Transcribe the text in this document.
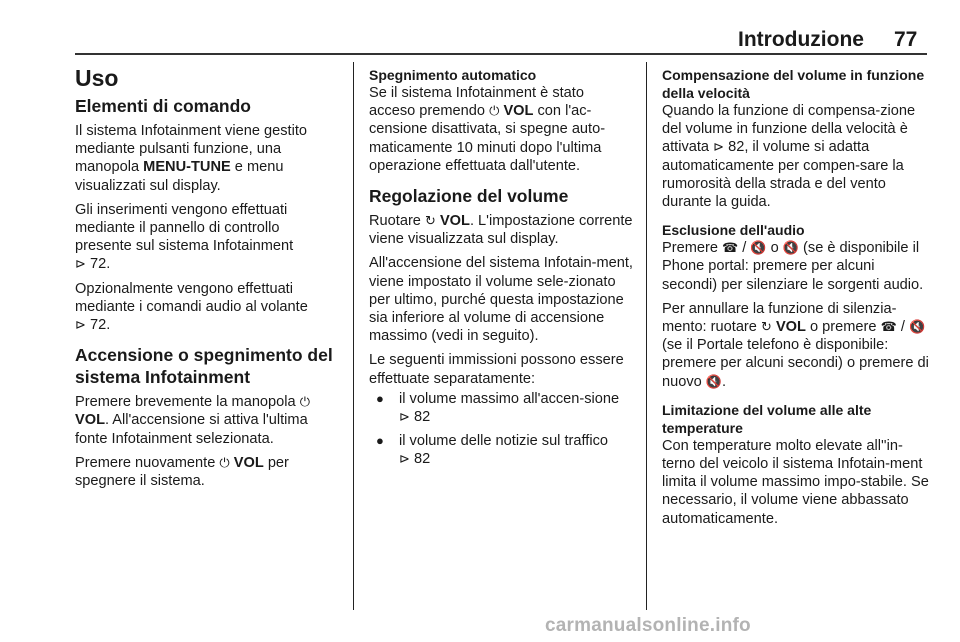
Introduzione 77
Uso
Elementi di comando

Il sistema Infotainment viene gestito mediante pulsanti funzione, una manopola MENU-TUNE e menu visualizzati sul display.

Gli inserimenti vengono effettuati mediante il pannello di controllo presente sul sistema Infotainment
⊳ 72.

Opzionalmente vengono effettuati mediante i comandi audio al volante
⊳ 72.

Accensione o spegnimento del sistema Infotainment

Premere brevemente la manopola ⏻
VOL. All'accensione si attiva l'ultima fonte Infotainment selezionata.

Premere nuovamente ⏻ VOL per spegnere il sistema.

Spegnimento automatico

Se il sistema Infotainment è stato acceso premendo ⏻ VOL con l'ac-censione disattivata, si spegne auto-maticamente 10 minuti dopo l'ultima operazione effettuata dall'utente.

Regolazione del volume

Ruotare ↻ VOL. L'impostazione corrente viene visualizzata sul display.

All'accensione del sistema Infotain-ment, viene impostato il volume sele-zionato per ultimo, purché questa impostazione sia inferiore al volume di accensione massimo (vedi in seguito).

Le seguenti immissioni possono essere effettuate separatamente:

● il volume massimo all'accen-sione ⊳ 82
● il volume delle notizie sul traffico
⊳ 82
Compensazione del volume in funzione della velocità

Quando la funzione di compensa-zione del volume in funzione della velocità è attivata ⊳ 82, il volume si adatta automaticamente per compen-sare la rumorosità della strada e del vento durante la guida.

Esclusione dell'audio

Premere ☎ / 🔇 o 🔇 (se è disponibile il Phone portal: premere per alcuni secondi) per silenziare le sorgenti audio.

Per annullare la funzione di silenzia-mento: ruotare ↻ VOL o premere ☎ / 🔇 (se il Portale telefono è disponibile: premere per alcuni secondi) o premere di nuovo 🔇.

Limitazione del volume alle alte temperature

Con temperature molto elevate all''in-terno del veicolo il sistema Infotain-ment limita il volume massimo impo-stabile. Se necessario, il volume viene abbassato automaticamente.

carmanualsonline.info
